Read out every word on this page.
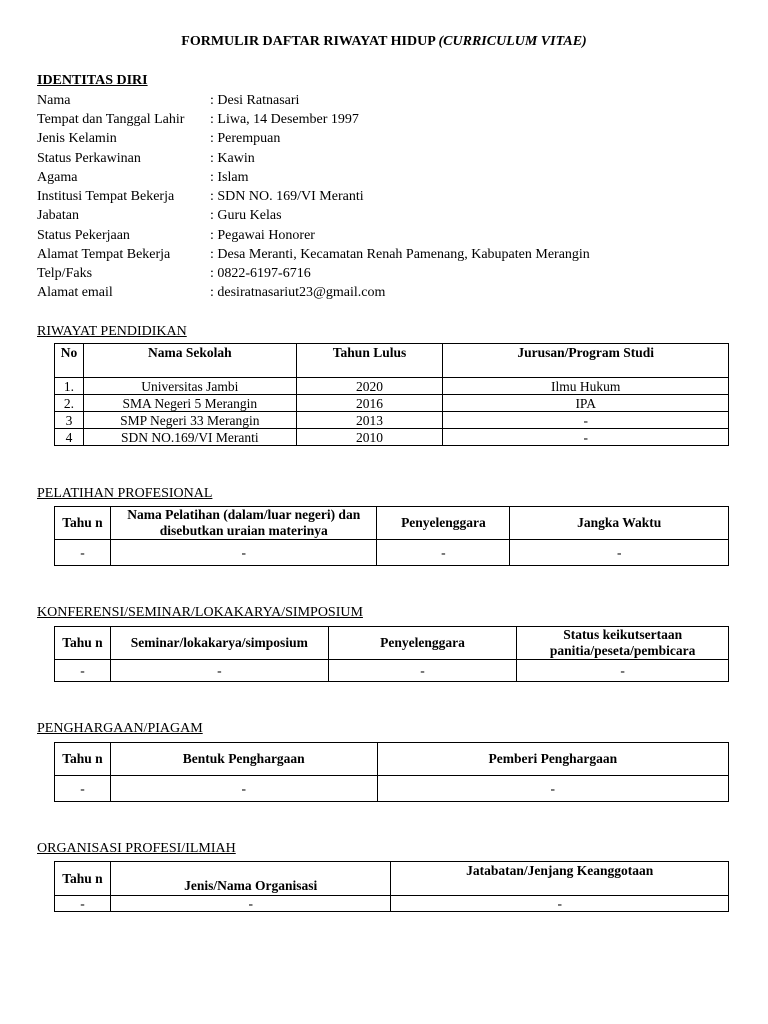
FORMULIR DAFTAR RIWAYAT HIDUP (CURRICULUM VITAE)
IDENTITAS DIRI
Nama	: Desi Ratnasari
Tempat dan Tanggal Lahir : Liwa, 14 Desember 1997
Jenis Kelamin	: Perempuan
Status Perkawinan	: Kawin
Agama	: Islam
Institusi Tempat Bekerja	: SDN NO. 169/VI Meranti
Jabatan	: Guru Kelas
Status Pekerjaan	: Pegawai Honorer
Alamat Tempat Bekerja	: Desa Meranti, Kecamatan Renah Pamenang, Kabupaten Merangin
Telp/Faks	: 0822-6197-6716
Alamat email	: desiratnasariut23@gmail.com
RIWAYAT PENDIDIKAN
No	Nama Sekolah	Tahun Lulus	Jurusan/Program Studi
1.	Universitas Jambi	2020	Ilmu Hukum
2.	SMA Negeri 5 Merangin	2016	IPA
3	SMP Negeri 33 Merangin	2013	-
4	SDN NO.169/VI Meranti	2010	-
PELATIHAN PROFESIONAL
Tahu n	Nama Pelatihan (dalam/luar negeri) dan disebutkan uraian materinya	Penyelenggara	Jangka Waktu
-	-	-	-
KONFERENSI/SEMINAR/LOKAKARYA/SIMPOSIUM
Tahu n	Seminar/lokakarya/simposium	Penyelenggara	Status keikutsertaan panitia/peseta/pembicara
-	-	-	-
PENGHARGAAN/PIAGAM
Tahu n	Bentuk Penghargaan	Pemberi Penghargaan
-	-	-
ORGANISASI PROFESI/ILMIAH
Tahu n	Jenis/Nama Organisasi	Jatabatan/Jenjang Keanggotaan
-	-	-
